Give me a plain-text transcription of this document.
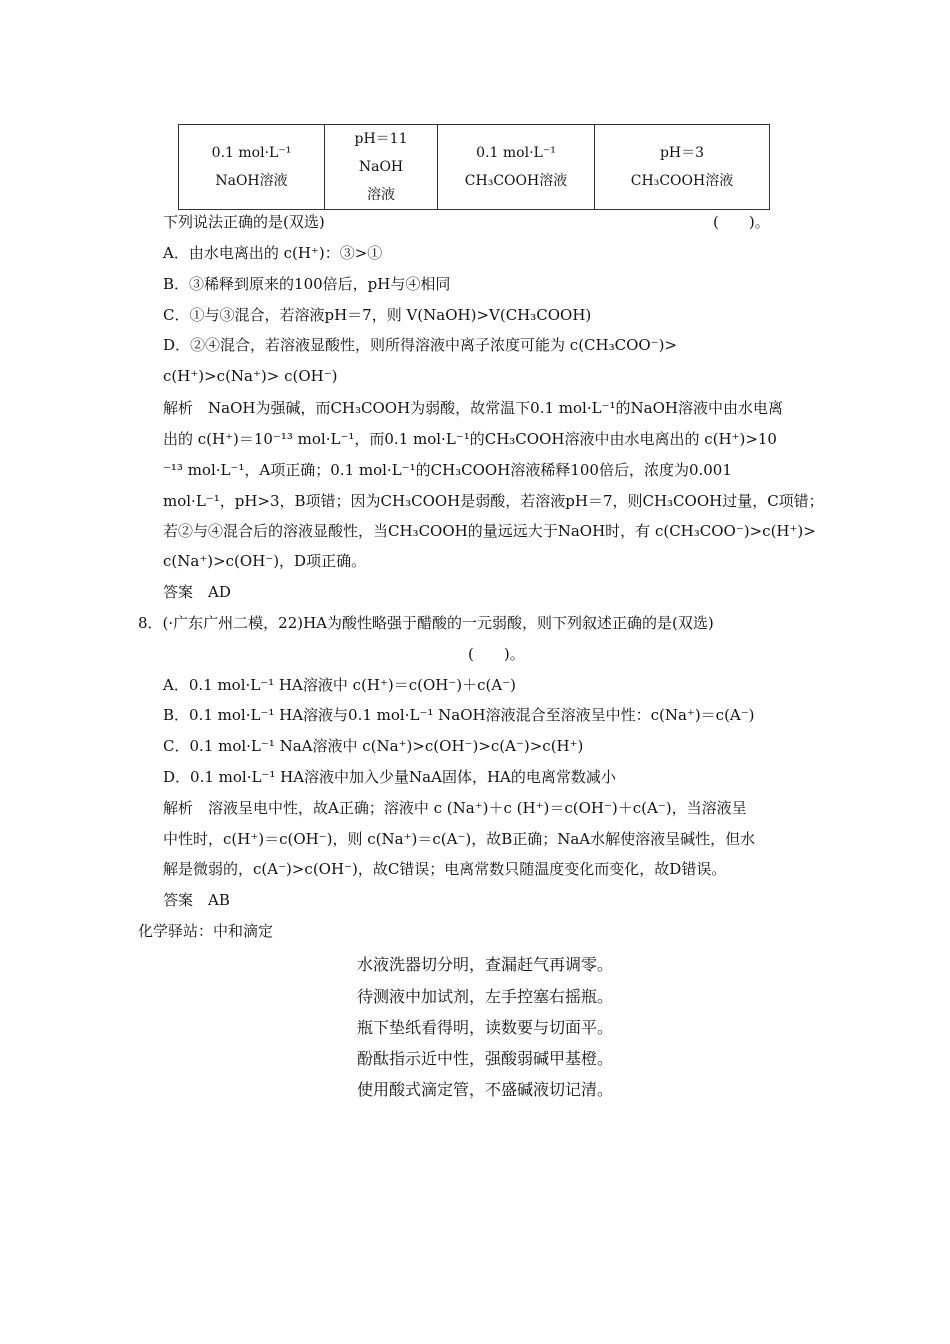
0.1 mol·L⁻¹
NaOH溶液

pH＝11 NaOH
溶液

0.1 mol·L⁻¹
CH₃COOH溶液

pH＝3
CH₃COOH溶液
下列说法正确的是(双选)	(　　)。
A．由水电离出的 c(H⁺)：③>①
B．③稀释到原来的100倍后，pH与④相同
C．①与③混合，若溶液pH＝7，则 V(NaOH)>V(CH₃COOH)
D．②④混合，若溶液显酸性，则所得溶液中离子浓度可能为 c(CH₃COO⁻)>
c(H⁺)>c(Na⁺)> c(OH⁻)
解析　NaOH为强碱，而CH₃COOH为弱酸，故常温下0.1 mol·L⁻¹的NaOH溶液中由水电离
出的 c(H⁺)＝10⁻¹³ mol·L⁻¹，而0.1 mol·L⁻¹的CH₃COOH溶液中由水电离出的 c(H⁺)>10
⁻¹³ mol·L⁻¹，A项正确；0.1 mol·L⁻¹的CH₃COOH溶液稀释100倍后，浓度为0.001
mol·L⁻¹，pH>3，B项错；因为CH₃COOH是弱酸，若溶液pH＝7，则CH₃COOH过量，C项错；
若②与④混合后的溶液显酸性，当CH₃COOH的量远远大于NaOH时，有 c(CH₃COO⁻)>c(H⁺)>
c(Na⁺)>c(OH⁻)，D项正确。
答案　AD
8．(·广东广州二模，22)HA为酸性略强于醋酸的一元弱酸，则下列叙述正确的是(双选)
(　　)。
A．0.1 mol·L⁻¹ HA溶液中 c(H⁺)＝c(OH⁻)＋c(A⁻)
B．0.1 mol·L⁻¹ HA溶液与0.1 mol·L⁻¹ NaOH溶液混合至溶液呈中性：c(Na⁺)＝c(A⁻)
C．0.1 mol·L⁻¹ NaA溶液中 c(Na⁺)>c(OH⁻)>c(A⁻)>c(H⁺)
D．0.1 mol·L⁻¹ HA溶液中加入少量NaA固体，HA的电离常数减小
解析　溶液呈电中性，故A正确；溶液中 c (Na⁺)＋c (H⁺)＝c(OH⁻)＋c(A⁻)，当溶液呈
中性时，c(H⁺)＝c(OH⁻)，则 c(Na⁺)＝c(A⁻)，故B正确；NaA水解使溶液呈碱性，但水
解是微弱的，c(A⁻)>c(OH⁻)，故C错误；电离常数只随温度变化而变化，故D错误。
答案　AB
化学驿站：中和滴定
水液洗器切分明，查漏赶气再调零。
待测液中加试剂，左手控塞右摇瓶。
瓶下垫纸看得明，读数要与切面平。
酚酞指示近中性，强酸弱碱甲基橙。
使用酸式滴定管，不盛碱液切记清。
